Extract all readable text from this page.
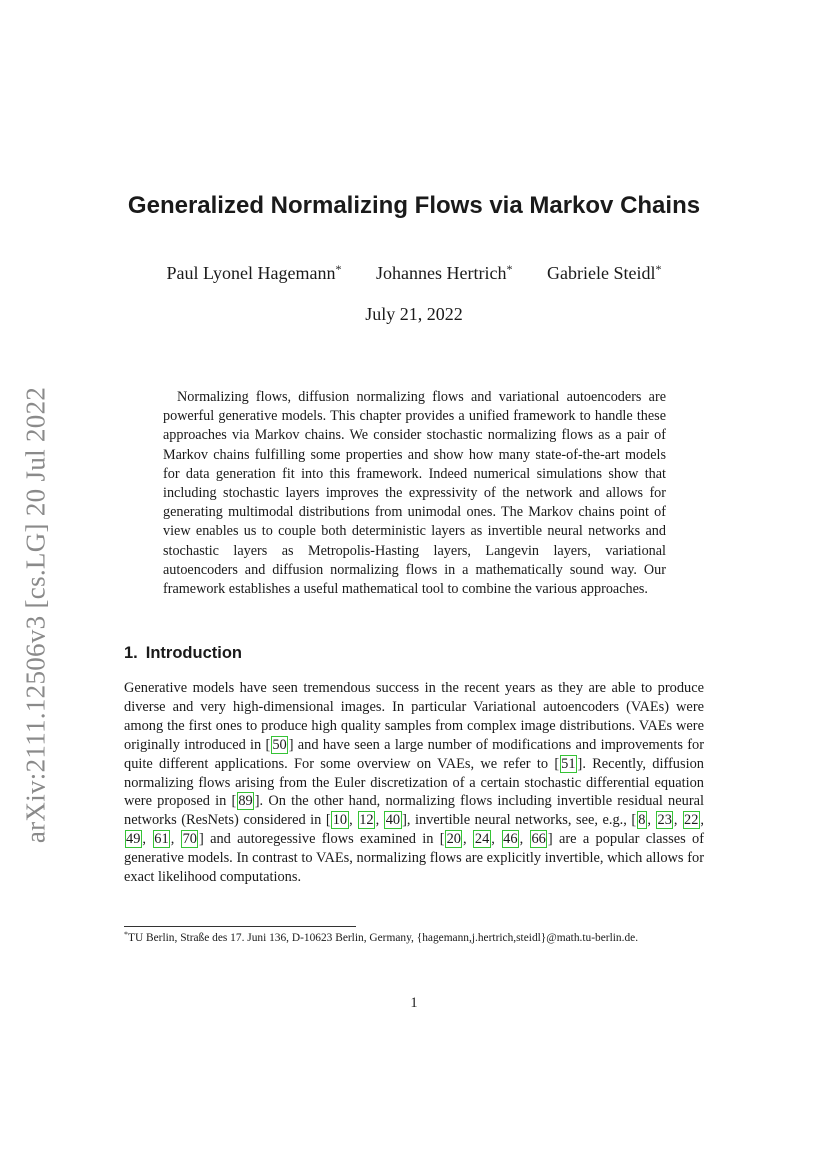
arXiv:2111.12506v3 [cs.LG] 20 Jul 2022
Generalized Normalizing Flows via Markov Chains
Paul Lyonel Hagemann* Johannes Hertrich* Gabriele Steidl*
July 21, 2022

Normalizing flows, diffusion normalizing flows and variational autoencoders are powerful generative models. This chapter provides a unified framework to handle these approaches via Markov chains. We consider stochastic normalizing flows as a pair of Markov chains fulfilling some properties and show how many state-of-the-art models for data generation fit into this framework. Indeed numerical simulations show that including stochastic layers improves the expressivity of the network and allows for generating multimodal distributions from unimodal ones. The Markov chains point of view enables us to couple both deterministic layers as invertible neural networks and stochastic layers as Metropolis-Hasting layers, Langevin layers, variational autoencoders and diffusion normalizing flows in a mathematically sound way. Our framework establishes a useful mathematical tool to combine the various approaches.

1. Introduction

Generative models have seen tremendous success in the recent years as they are able to produce diverse and very high-dimensional images. In particular Variational autoencoders (VAEs) were among the first ones to produce high quality samples from complex image distributions. VAEs were originally introduced in [ 50 ] and have seen a large number of modifications and improvements for quite different applications. For some overview on VAEs, we refer to [ 51 ]. Recently, diffusion normalizing flows arising from the Euler discretization of a certain stochastic differential equation were proposed in [ 89 ]. On the other hand, normalizing flows including invertible residual neural networks (ResNets) considered in [ 10 , 12 , 40 ], invertible neural networks, see, e.g., [ 8 , 23 , 22 , 49 , 61 , 70 ] and autoregessive flows examined in [ 20 , 24 , 46 , 66 ] are a popular classes of generative models. In contrast to VAEs, normalizing flows are explicitly invertible, which allows for exact likelihood computations.

*TU Berlin, Straße des 17. Juni 136, D-10623 Berlin, Germany, {hagemann,j.hertrich,steidl}@math.tu-berlin.de.
1
